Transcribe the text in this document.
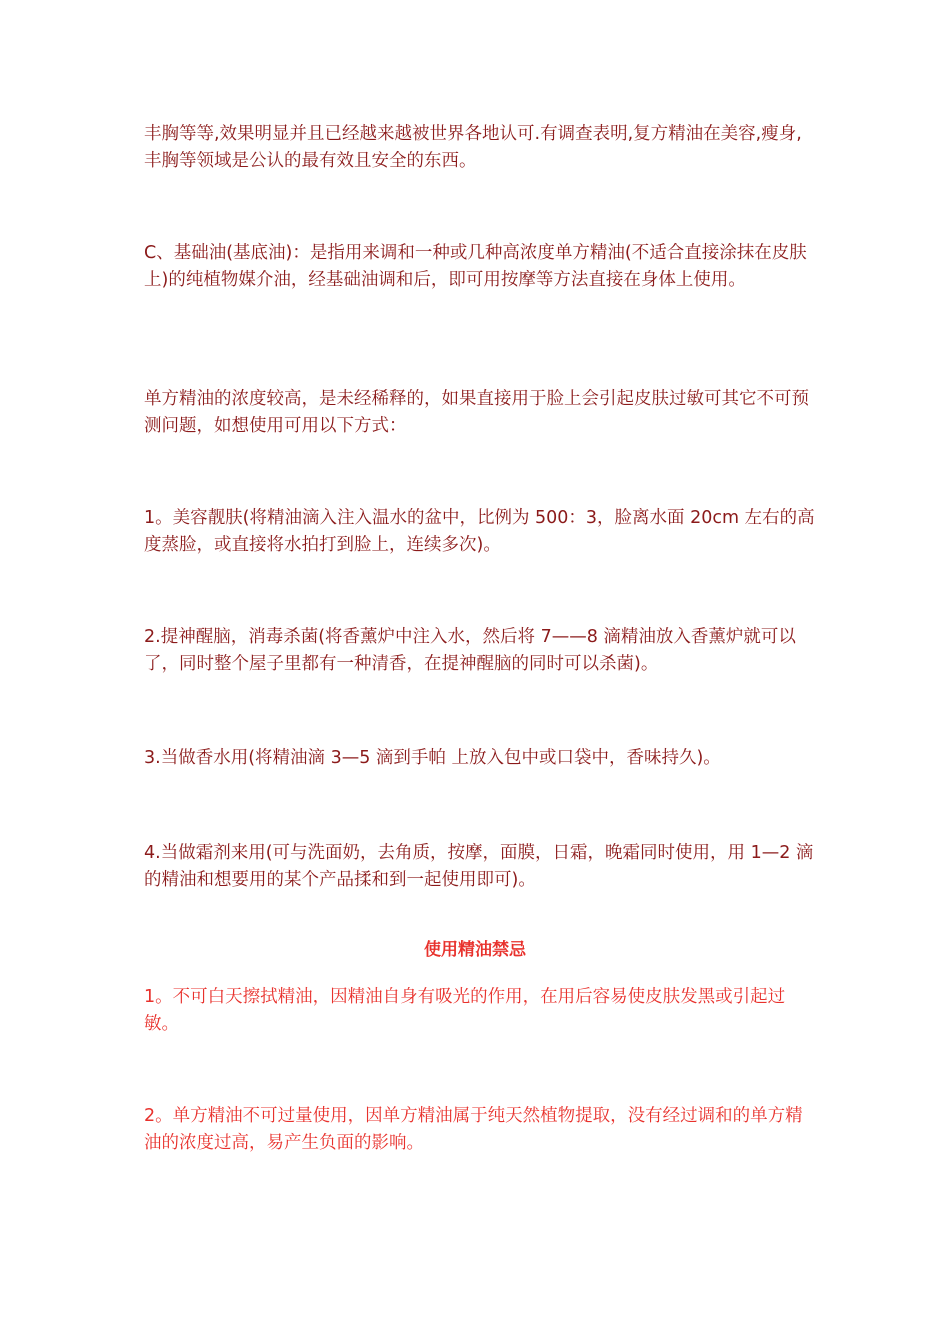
丰胸等等,效果明显并且已经越来越被世界各地认可.有调查表明,复方精油在美容,瘦身,丰胸等领域是公认的最有效且安全的东西。

C、基础油(基底油)：是指用来调和一种或几种高浓度单方精油(不适合直接涂抹在皮肤上)的纯植物媒介油，经基础油调和后，即可用按摩等方法直接在身体上使用。

单方精油的浓度较高，是未经稀释的，如果直接用于脸上会引起皮肤过敏可其它不可预测问题，如想使用可用以下方式：

1。美容靓肤(将精油滴入注入温水的盆中，比例为 500：3，脸离水面 20cm 左右的高度蒸脸，或直接将水拍打到脸上，连续多次)。

2.提神醒脑，消毒杀菌(将香薰炉中注入水，然后将 7——8 滴精油放入香薰炉就可以了，同时整个屋子里都有一种清香，在提神醒脑的同时可以杀菌)。

3.当做香水用(将精油滴 3—5 滴到手帕 上放入包中或口袋中，香味持久)。

4.当做霜剂来用(可与洗面奶，去角质，按摩，面膜，日霜，晚霜同时使用，用 1—2 滴的精油和想要用的某个产品揉和到一起使用即可)。

使用精油禁忌

1。不可白天擦拭精油，因精油自身有吸光的作用，在用后容易使皮肤发黑或引起过敏。

2。单方精油不可过量使用，因单方精油属于纯天然植物提取，没有经过调和的单方精油的浓度过高，易产生负面的影响。
